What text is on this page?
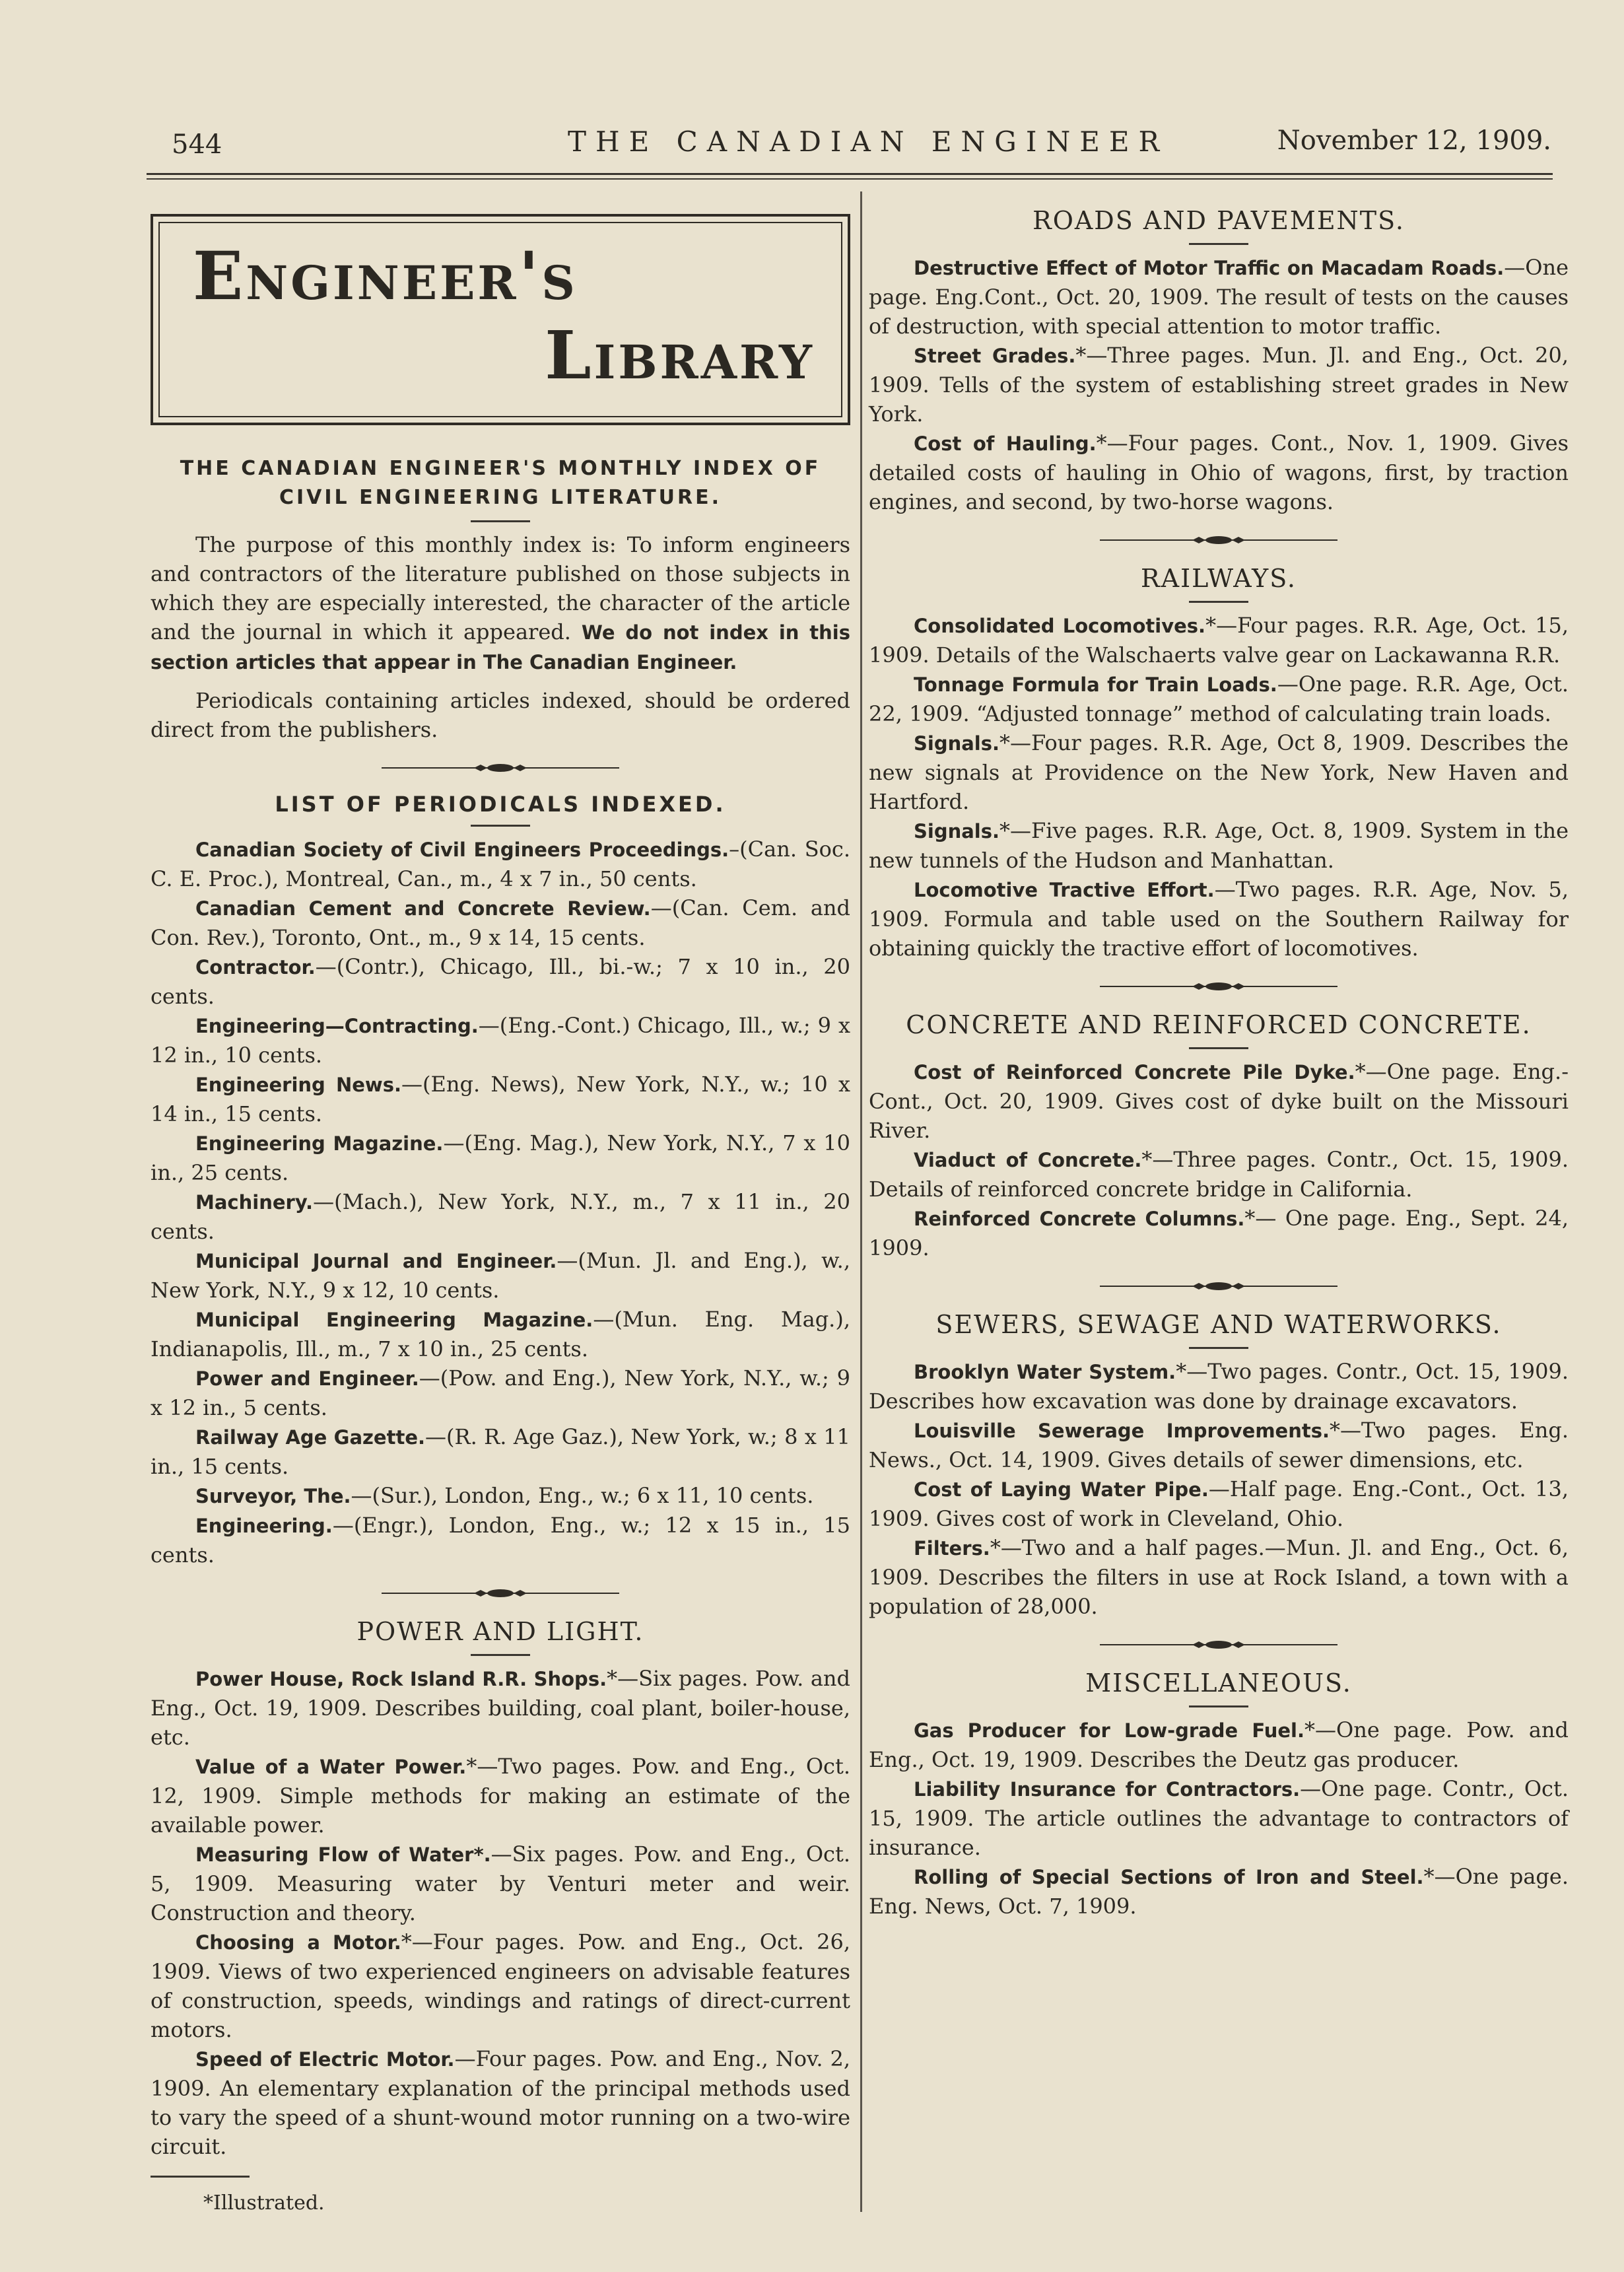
544	THE CANADIAN ENGINEER	November 12, 1909.
Engineer's
Library
THE CANADIAN ENGINEER'S MONTHLY INDEX OF
CIVIL ENGINEERING LITERATURE.

The purpose of this monthly index is: To inform engineers and contractors of the literature published on those subjects in which they are especially interested, the character of the article and the journal in which it appeared. We do not index in this section articles that appear in The Canadian Engineer.

Periodicals containing articles indexed, should be ordered direct from the publishers.

LIST OF PERIODICALS INDEXED.

Canadian Society of Civil Engineers Proceedings.–(Can. Soc. C. E. Proc.), Montreal, Can., m., 4 x 7 in., 50 cents.

Canadian Cement and Concrete Review.—(Can. Cem. and Con. Rev.), Toronto, Ont., m., 9 x 14, 15 cents.

Contractor.—(Contr.), Chicago, Ill., bi.-w.; 7 x 10 in., 20 cents.

Engineering—Contracting.—(Eng.-Cont.) Chicago, Ill., w.; 9 x 12 in., 10 cents.

Engineering News.—(Eng. News), New York, N.Y., w.; 10 x 14 in., 15 cents.

Engineering Magazine.—(Eng. Mag.), New York, N.Y., 7 x 10 in., 25 cents.

Machinery.—(Mach.), New York, N.Y., m., 7 x 11 in., 20 cents.

Municipal Journal and Engineer.—(Mun. Jl. and Eng.), w., New York, N.Y., 9 x 12, 10 cents.

Municipal Engineering Magazine.—(Mun. Eng. Mag.), Indianapolis, Ill., m., 7 x 10 in., 25 cents.

Power and Engineer.—(Pow. and Eng.), New York, N.Y., w.; 9 x 12 in., 5 cents.

Railway Age Gazette.—(R. R. Age Gaz.), New York, w.; 8 x 11 in., 15 cents.

Surveyor, The.—(Sur.), London, Eng., w.; 6 x 11, 10 cents.

Engineering.—(Engr.), London, Eng., w.; 12 x 15 in., 15 cents.

POWER AND LIGHT.

Power House, Rock Island R.R. Shops.*—Six pages. Pow. and Eng., Oct. 19, 1909. Describes building, coal plant, boiler-house, etc.

Value of a Water Power.*—Two pages. Pow. and Eng., Oct. 12, 1909. Simple methods for making an estimate of the available power.

Measuring Flow of Water*.—Six pages. Pow. and Eng., Oct. 5, 1909. Measuring water by Venturi meter and weir. Construction and theory.

Choosing a Motor.*—Four pages. Pow. and Eng., Oct. 26, 1909. Views of two experienced engineers on advisable features of construction, speeds, windings and ratings of direct-current motors.

Speed of Electric Motor.—Four pages. Pow. and Eng., Nov. 2, 1909. An elementary explanation of the principal methods used to vary the speed of a shunt-wound motor running on a two-wire circuit.

*Illustrated.
ROADS AND PAVEMENTS.

Destructive Effect of Motor Traffic on Macadam Roads.—One page. Eng.Cont., Oct. 20, 1909. The result of tests on the causes of destruction, with special attention to motor traffic.

Street Grades.*—Three pages. Mun. Jl. and Eng., Oct. 20, 1909. Tells of the system of establishing street grades in New York.

Cost of Hauling.*—Four pages. Cont., Nov. 1, 1909. Gives detailed costs of hauling in Ohio of wagons, first, by traction engines, and second, by two-horse wagons.

RAILWAYS.

Consolidated Locomotives.*—Four pages. R.R. Age, Oct. 15, 1909. Details of the Walschaerts valve gear on Lackawanna R.R.

Tonnage Formula for Train Loads.—One page. R.R. Age, Oct. 22, 1909. “Adjusted tonnage” method of calculating train loads.

Signals.*—Four pages. R.R. Age, Oct 8, 1909. Describes the new signals at Providence on the New York, New Haven and Hartford.

Signals.*—Five pages. R.R. Age, Oct. 8, 1909. System in the new tunnels of the Hudson and Manhattan.

Locomotive Tractive Effort.—Two pages. R.R. Age, Nov. 5, 1909. Formula and table used on the Southern Railway for obtaining quickly the tractive effort of locomotives.

CONCRETE AND REINFORCED CONCRETE.

Cost of Reinforced Concrete Pile Dyke.*—One page. Eng.-Cont., Oct. 20, 1909. Gives cost of dyke built on the Missouri River.

Viaduct of Concrete.*—Three pages. Contr., Oct. 15, 1909. Details of reinforced concrete bridge in California.

Reinforced Concrete Columns.*— One page. Eng., Sept. 24, 1909.

SEWERS, SEWAGE AND WATERWORKS.

Brooklyn Water System.*—Two pages. Contr., Oct. 15, 1909. Describes how excavation was done by drainage excavators.

Louisville Sewerage Improvements.*—Two pages. Eng. News., Oct. 14, 1909. Gives details of sewer dimensions, etc.

Cost of Laying Water Pipe.—Half page. Eng.-Cont., Oct. 13, 1909. Gives cost of work in Cleveland, Ohio.

Filters.*—Two and a half pages.—Mun. Jl. and Eng., Oct. 6, 1909. Describes the filters in use at Rock Island, a town with a population of 28,000.

MISCELLANEOUS.

Gas Producer for Low-grade Fuel.*—One page. Pow. and Eng., Oct. 19, 1909. Describes the Deutz gas producer.

Liability Insurance for Contractors.—One page. Contr., Oct. 15, 1909. The article outlines the advantage to contractors of insurance.

Rolling of Special Sections of Iron and Steel.*—One page. Eng. News, Oct. 7, 1909.
